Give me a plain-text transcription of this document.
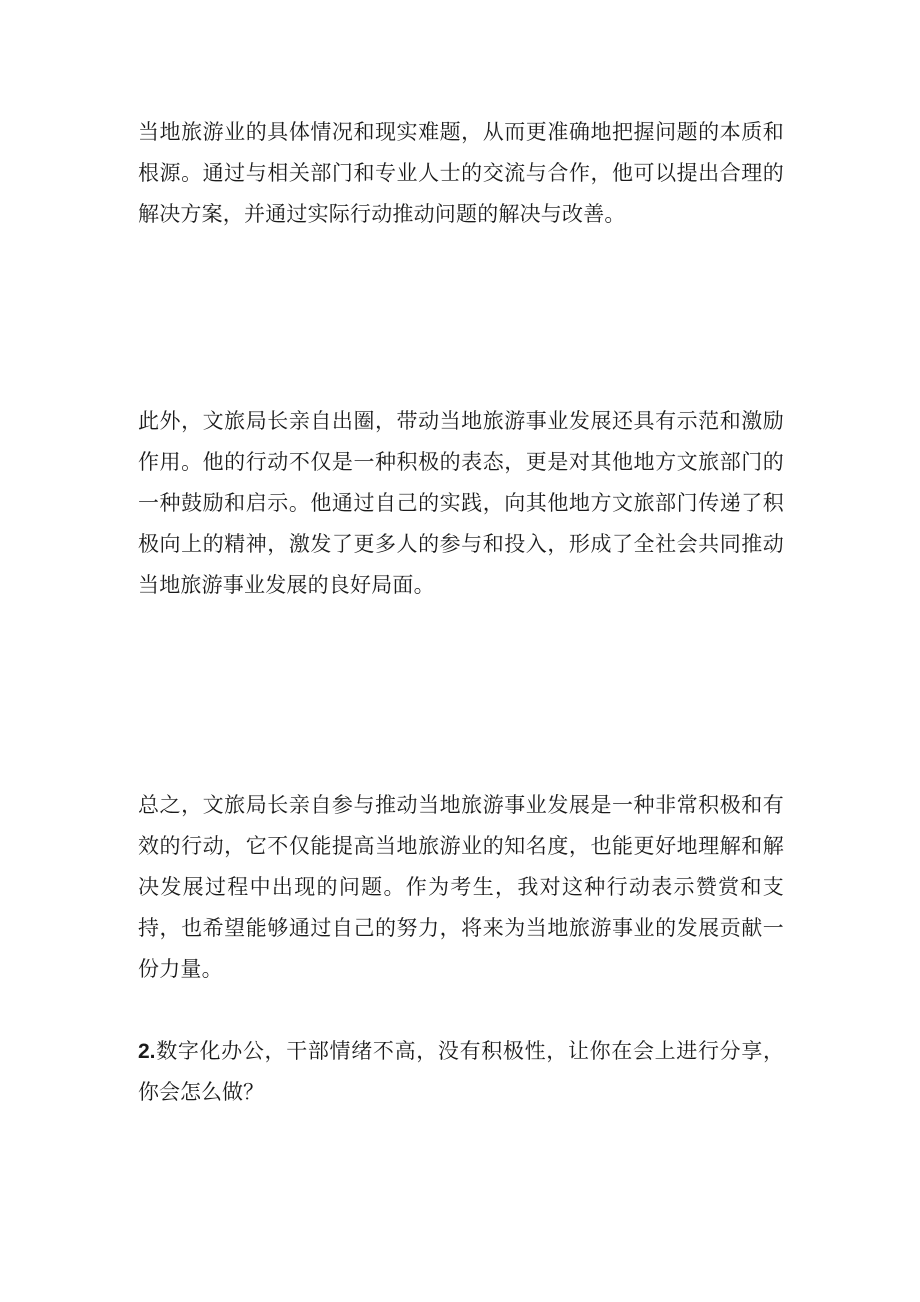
当地旅游业的具体情况和现实难题，从而更准确地把握问题的本质和根源。通过与相关部门和专业人士的交流与合作，他可以提出合理的解决方案，并通过实际行动推动问题的解决与改善。

此外，文旅局长亲自出圈，带动当地旅游事业发展还具有示范和激励作用。他的行动不仅是一种积极的表态，更是对其他地方文旅部门的一种鼓励和启示。他通过自己的实践，向其他地方文旅部门传递了积极向上的精神，激发了更多人的参与和投入，形成了全社会共同推动当地旅游事业发展的良好局面。

总之，文旅局长亲自参与推动当地旅游事业发展是一种非常积极和有效的行动，它不仅能提高当地旅游业的知名度，也能更好地理解和解决发展过程中出现的问题。作为考生，我对这种行动表示赞赏和支持，也希望能够通过自己的努力，将来为当地旅游事业的发展贡献一份力量。

2.数字化办公，干部情绪不高，没有积极性，让你在会上进行分享，你会怎么做？
